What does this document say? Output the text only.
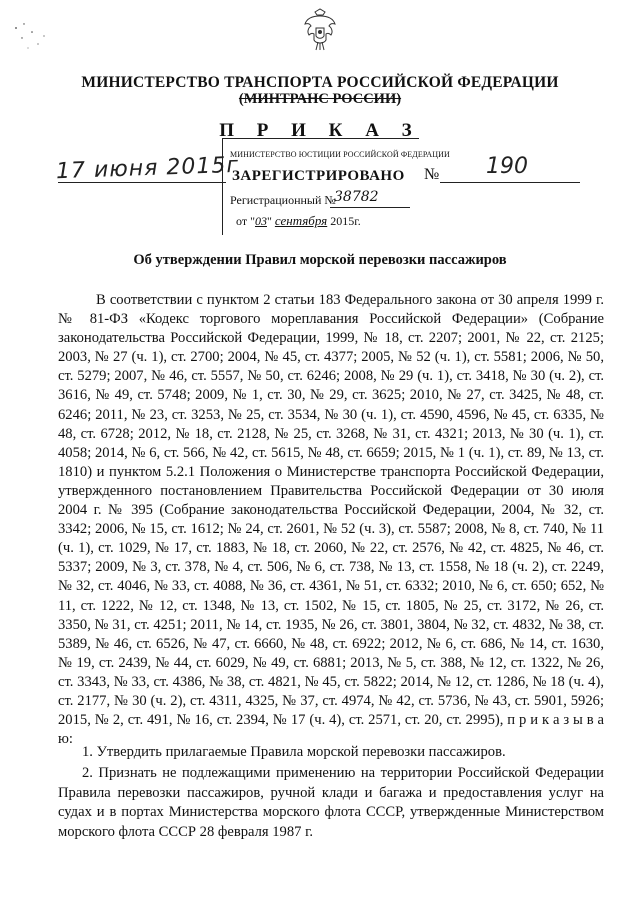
МИНИСТЕРСТВО ТРАНСПОРТА РОССИЙСКОЙ ФЕДЕРАЦИИ
(МИНТРАНС РОССИИ)
П Р И К А З
МИНИСТЕРСТВО ЮСТИЦИИ РОССИЙСКОЙ ФЕДЕРАЦИИ
ЗАРЕГИСТРИРОВАНО
Регистрационный №
38782
от "03" сентября 2015г.
17 июня 2015г	№ 190
Об утверждении Правил морской перевозки пассажиров

В соответствии с пунктом 2 статьи 183 Федерального закона от 30 апреля 1999 г. № 81-ФЗ «Кодекс торгового мореплавания Российской Федерации» (Собрание законодательства Российской Федерации, 1999, № 18, ст. 2207; 2001, № 22, ст. 2125; 2003, № 27 (ч. 1), ст. 2700; 2004, № 45, ст. 4377; 2005, № 52 (ч. 1), ст. 5581; 2006, № 50, ст. 5279; 2007, № 46, ст. 5557, № 50, ст. 6246; 2008, № 29 (ч. 1), ст. 3418, № 30 (ч. 2), ст. 3616, № 49, ст. 5748; 2009, № 1, ст. 30, № 29, ст. 3625; 2010, № 27, ст. 3425, № 48, ст. 6246; 2011, № 23, ст. 3253, № 25, ст. 3534, № 30 (ч. 1), ст. 4590, 4596, № 45, ст. 6335, № 48, ст. 6728; 2012, № 18, ст. 2128, № 25, ст. 3268, № 31, ст. 4321; 2013, № 30 (ч. 1), ст. 4058; 2014, № 6, ст. 566, № 42, ст. 5615, № 48, ст. 6659; 2015, № 1 (ч. 1), ст. 89, № 13, ст. 1810) и пунктом 5.2.1 Положения о Министерстве транспорта Российской Федерации, утвержденного постановлением Правительства Российской Федерации от 30 июля 2004 г. № 395 (Собрание законодательства Российской Федерации, 2004, № 32, ст. 3342; 2006, № 15, ст. 1612; № 24, ст. 2601, № 52 (ч. 3), ст. 5587; 2008, № 8, ст. 740, № 11 (ч. 1), ст. 1029, № 17, ст. 1883, № 18, ст. 2060, № 22, ст. 2576, № 42, ст. 4825, № 46, ст. 5337; 2009, № 3, ст. 378, № 4, ст. 506, № 6, ст. 738, № 13, ст. 1558, № 18 (ч. 2), ст. 2249, № 32, ст. 4046, № 33, ст. 4088, № 36, ст. 4361, № 51, ст. 6332; 2010, № 6, ст. 650; 652, № 11, ст. 1222, № 12, ст. 1348, № 13, ст. 1502, № 15, ст. 1805, № 25, ст. 3172, № 26, ст. 3350, № 31, ст. 4251; 2011, № 14, ст. 1935, № 26, ст. 3801, 3804, № 32, ст. 4832, № 38, ст. 5389, № 46, ст. 6526, № 47, ст. 6660, № 48, ст. 6922; 2012, № 6, ст. 686, № 14, ст. 1630, № 19, ст. 2439, № 44, ст. 6029, № 49, ст. 6881; 2013, № 5, ст. 388, № 12, ст. 1322, № 26, ст. 3343, № 33, ст. 4386, № 38, ст. 4821, № 45, ст. 5822; 2014, № 12, ст. 1286, № 18 (ч. 4), ст. 2177, № 30 (ч. 2), ст. 4311, 4325, № 37, ст. 4974, № 42, ст. 5736, № 43, ст. 5901, 5926; 2015, № 2, ст. 491, № 16, ст. 2394, № 17 (ч. 4), ст. 2571, ст. 20, ст. 2995), п р и к а з ы в а ю:

1. Утвердить прилагаемые Правила морской перевозки пассажиров.

2. Признать не подлежащими применению на территории Российской Федерации Правила перевозки пассажиров, ручной клади и багажа и предоставления услуг на судах и в портах Министерства морского флота СССР, утвержденные Министерством морского флота СССР 28 февраля 1987 г.
